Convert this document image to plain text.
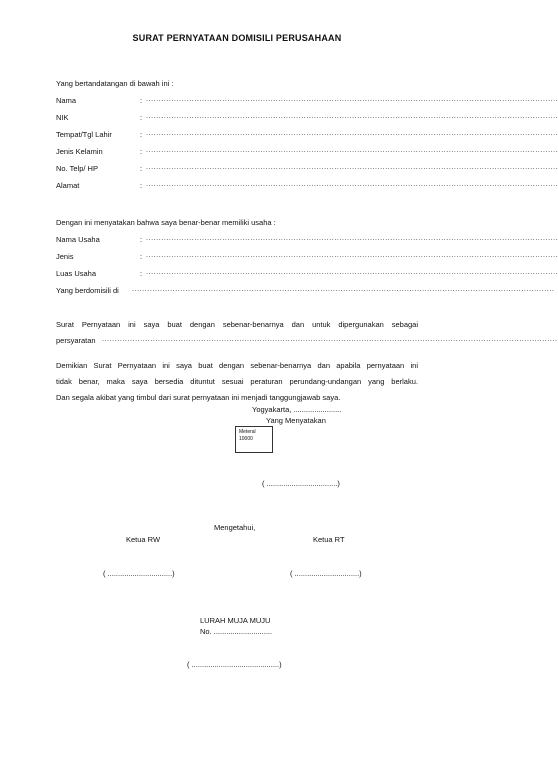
SURAT PERNYATAAN DOMISILI PERUSAHAAN
Yang bertandatangan di bawah ini :
Nama	: ..................................................................................................................................................................
NIK	: ..................................................................................................................................................................
Tempat/Tgl Lahir	: ..................................................................................................................................................................
Jenis Kelamin	: ..................................................................................................................................................................
No. Telp/ HP	: ..................................................................................................................................................................
Alamat	: ..................................................................................................................................................................
Dengan ini menyatakan bahwa saya benar-benar memiliki usaha :
Nama Usaha	: ..................................................................................................................................................................
Jenis	: ..................................................................................................................................................................
Luas Usaha	: ..................................................................................................................................................................
Yang berdomisili di ......................................................................................................................................................................
Surat Pernyataan ini saya buat dengan sebenar-benarnya dan untuk dipergunakan sebagai
persyaratan ...................................................................................................................................................................................
Demikian Surat Pernyataan ini saya buat dengan sebenar-benarnya dan apabila pernyataan ini
tidak benar, maka saya bersedia dituntut sesuai peraturan perundang-undangan yang berlaku.
Dan segala akibat yang timbul dari surat pernyataan ini menjadi tanggungjawab saya.
Yogyakarta, .......................
Yang Menyatakan
Meteral
10000
( ..................................)
Mengetahui,
Ketua RW	Ketua RT
( ...............................)	( ...............................)
LURAH MUJA MUJU
No. ............................
( ..........................................)
